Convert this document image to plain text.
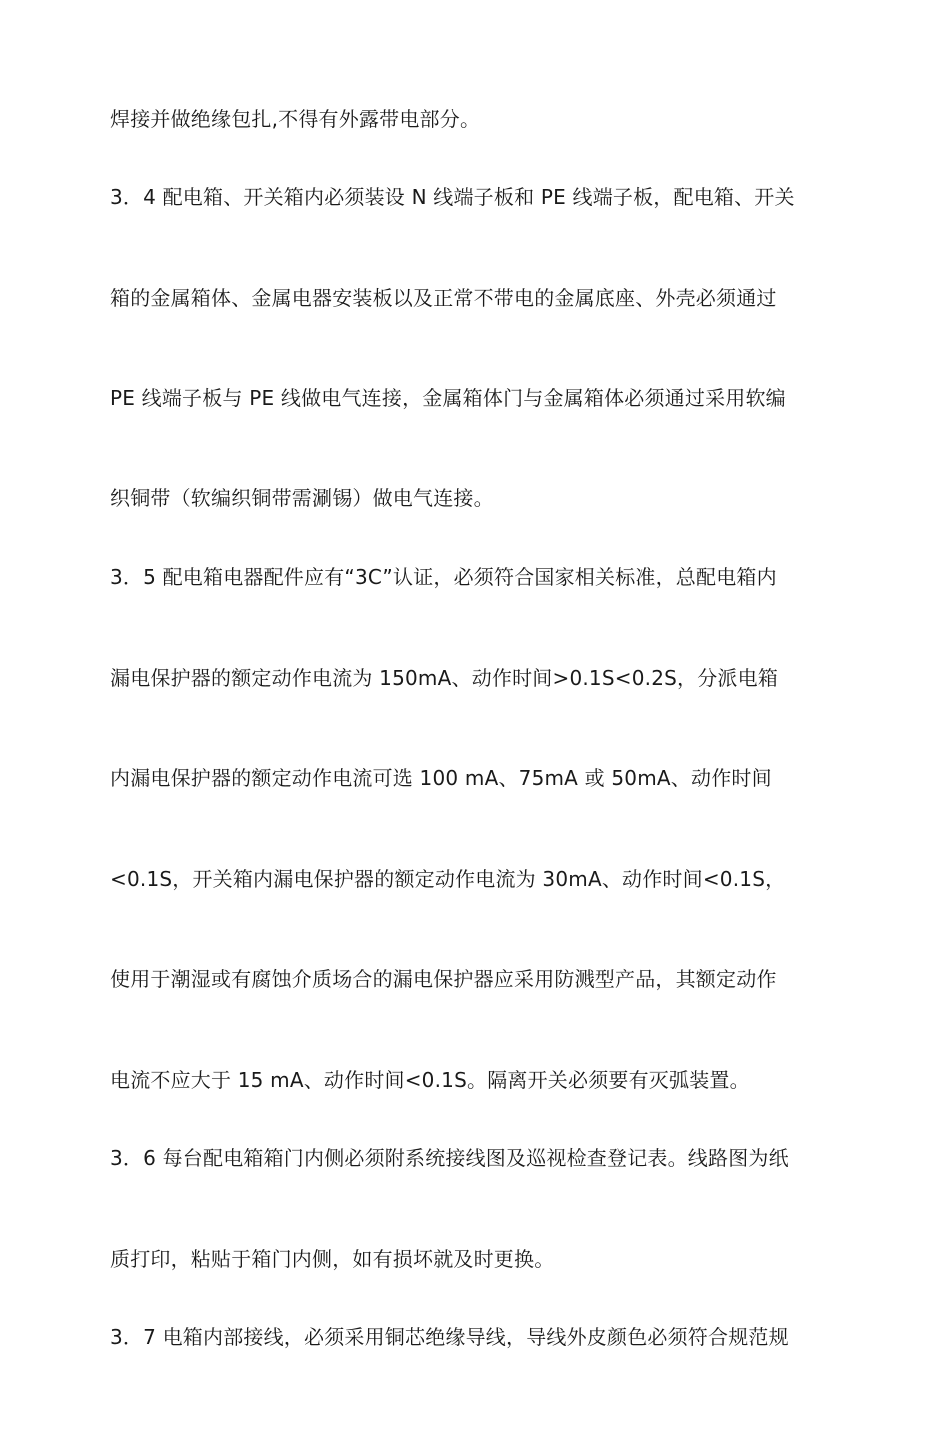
焊接并做绝缘包扎,不得有外露带电部分。
3．4 配电箱、开关箱内必须装设 N 线端子板和 PE 线端子板，配电箱、开关
箱的金属箱体、金属电器安装板以及正常不带电的金属底座、外壳必须通过
PE 线端子板与 PE 线做电气连接，金属箱体门与金属箱体必须通过采用软编
织铜带（软编织铜带需涮锡）做电气连接。
3．5 配电箱电器配件应有“3C”认证，必须符合国家相关标准，总配电箱内
漏电保护器的额定动作电流为 150mA、动作时间>0.1S<0.2S，分派电箱
内漏电保护器的额定动作电流可选 100 mA、75mA 或 50mA、动作时间
<0.1S，开关箱内漏电保护器的额定动作电流为 30mA、动作时间<0.1S，
使用于潮湿或有腐蚀介质场合的漏电保护器应采用防溅型产品，其额定动作
电流不应大于 15 mA、动作时间<0.1S。隔离开关必须要有灭弧装置。
3．6 每台配电箱箱门内侧必须附系统接线图及巡视检查登记表。线路图为纸
质打印，粘贴于箱门内侧，如有损坏就及时更换。
3．7 电箱内部接线，必须采用铜芯绝缘导线，导线外皮颜色必须符合规范规
